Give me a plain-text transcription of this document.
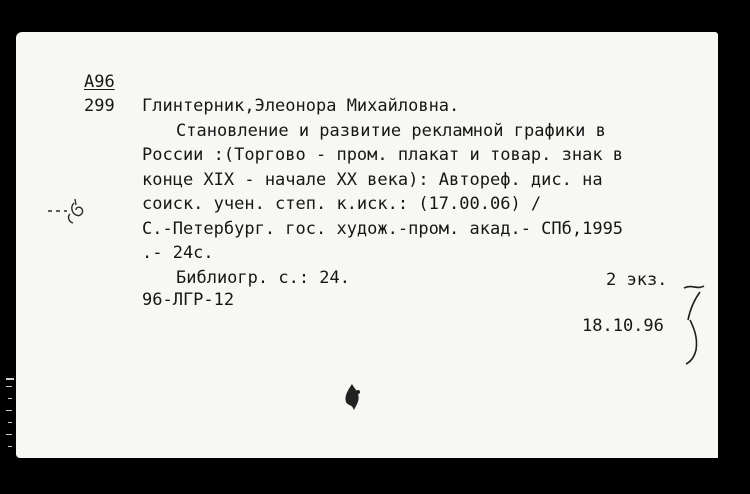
A96
299 Глинтерник,Элеонора Михайловна.
Становление и развитие рекламной графики в
России :(Торгово - пром. плакат и товар. знак в
конце XIX - начале XX века): Автореф. дис. на
соиск. учен. степ. к.иск.: (17.00.06) /
С.-Петербург. гос. худож.-пром. акад.- СПб,1995
.- 24с.
Библиогр. с.: 24.	2 экз.
96-ЛГР-12
18.10.96
